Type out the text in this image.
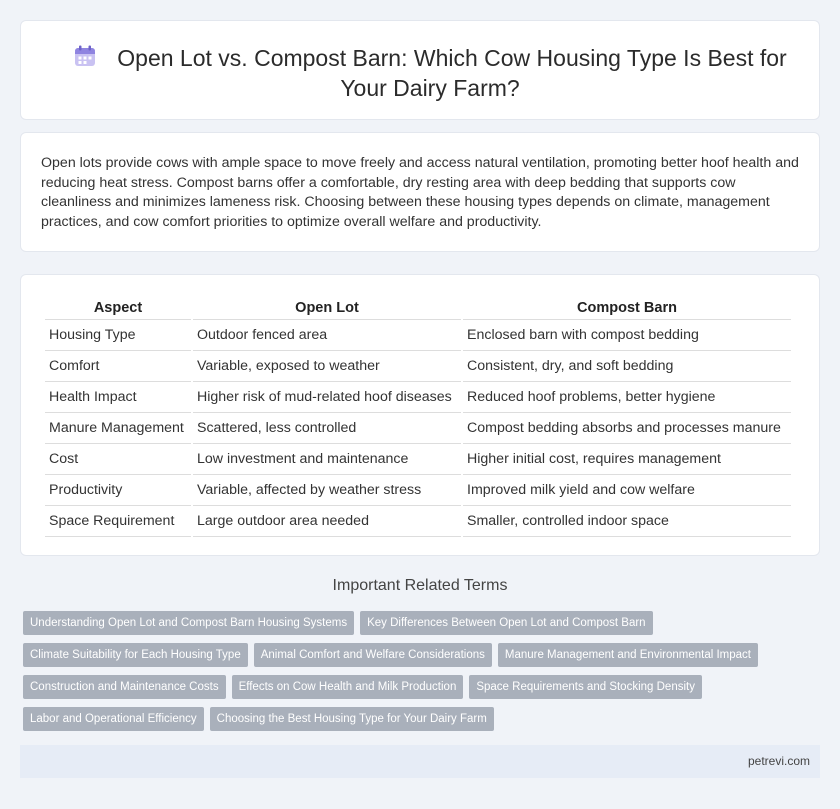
Open Lot vs. Compost Barn: Which Cow Housing Type Is Best for Your Dairy Farm?

Open lots provide cows with ample space to move freely and access natural ventilation, promoting better hoof health and reducing heat stress. Compost barns offer a comfortable, dry resting area with deep bedding that supports cow cleanliness and minimizes lameness risk. Choosing between these housing types depends on climate, management practices, and cow comfort priorities to optimize overall welfare and productivity.

Aspect	Open Lot	Compost Barn
Housing Type	Outdoor fenced area	Enclosed barn with compost bedding
Comfort	Variable, exposed to weather	Consistent, dry, and soft bedding
Health Impact	Higher risk of mud-related hoof diseases	Reduced hoof problems, better hygiene
Manure Management	Scattered, less controlled	Compost bedding absorbs and processes manure
Cost	Low investment and maintenance	Higher initial cost, requires management
Productivity	Variable, affected by weather stress	Improved milk yield and cow welfare
Space Requirement	Large outdoor area needed	Smaller, controlled indoor space
Important Related Terms
Understanding Open Lot and Compost Barn Housing Systems Key Differences Between Open Lot and Compost Barn
Climate Suitability for Each Housing Type Animal Comfort and Welfare Considerations Manure Management and Environmental Impact
Construction and Maintenance Costs Effects on Cow Health and Milk Production Space Requirements and Stocking Density
Labor and Operational Efficiency Choosing the Best Housing Type for Your Dairy Farm
petrevi.com
